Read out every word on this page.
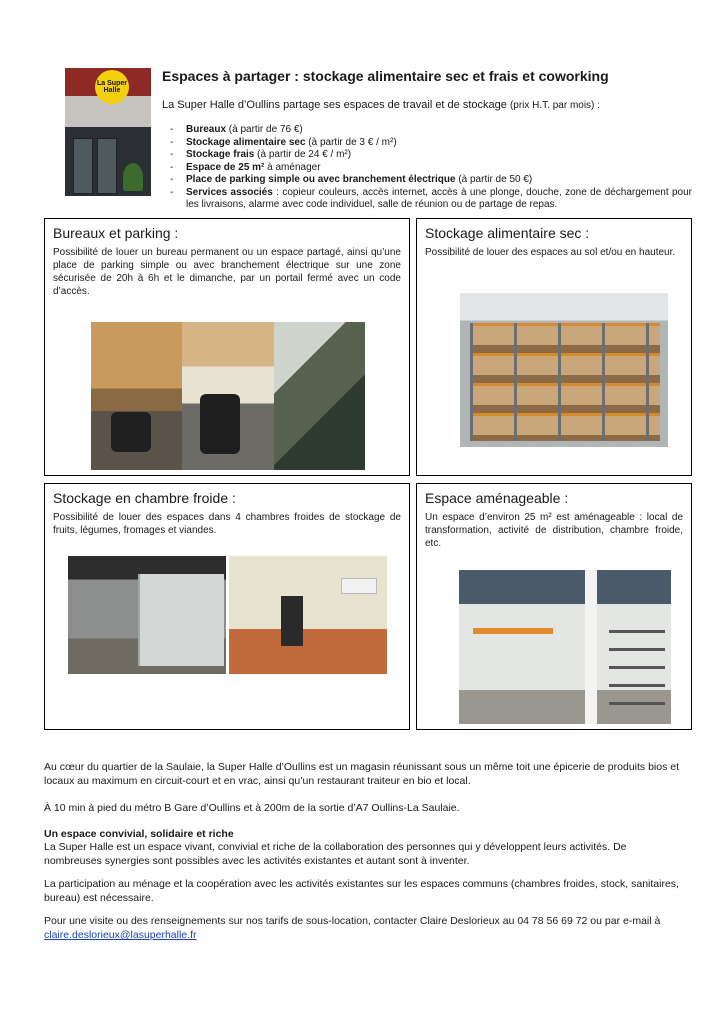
La Super Halle
Espaces à partager : stockage alimentaire sec et frais et coworking
La Super Halle d’Oullins partage ses espaces de travail et de stockage (prix H.T. par mois) :
- Bureaux (à partir de 76 €)
- Stockage alimentaire sec (à partir de 3 € / m²)
- Stockage frais (à partir de 24 € / m²)
- Espace de 25 m² à aménager
- Place de parking simple ou avec branchement électrique (à partir de 50 €)
- Services associés : copieur couleurs, accès internet, accès à une plonge, douche, zone de déchargement pour les livraisons, alarme avec code individuel, salle de réunion ou de partage de repas.
Bureaux et parking :

Possibilité de louer un bureau permanent ou un espace partagé, ainsi qu’une place de parking simple ou avec branchement électrique sur une zone sécurisée de 20h à 6h et le dimanche, par un portail fermé avec un code d’accès.

Stockage alimentaire sec :

Possibilité de louer des espaces au sol et/ou en hauteur.

Stockage en chambre froide :

Possibilité de louer des espaces dans 4 chambres froides de stockage de fruits, légumes, fromages et viandes.

Espace aménageable :

Un espace d’environ 25 m² est aménageable : local de transformation, activité de distribution, chambre froide, etc.

Au cœur du quartier de la Saulaie, la Super Halle d’Oullins est un magasin réunissant sous un même toit une épicerie de produits bios et locaux au maximum en circuit-court et en vrac, ainsi qu’un restaurant traiteur en bio et local.

À 10 min à pied du métro B Gare d’Oullins et à 200m de la sortie d’A7 Oullins-La Saulaie.

Un espace convivial, solidaire et riche

La Super Halle est un espace vivant, convivial et riche de la collaboration des personnes qui y développent leurs activités. De nombreuses synergies sont possibles avec les activités existantes et autant sont à inventer.

La participation au ménage et la coopération avec les activités existantes sur les espaces communs (chambres froides, stock, sanitaires, bureau) est nécessaire.

Pour une visite ou des renseignements sur nos tarifs de sous-location, contacter Claire Deslorieux au 04 78 56 69 72 ou par e-mail à claire.deslorieux@lasuperhalle.fr
